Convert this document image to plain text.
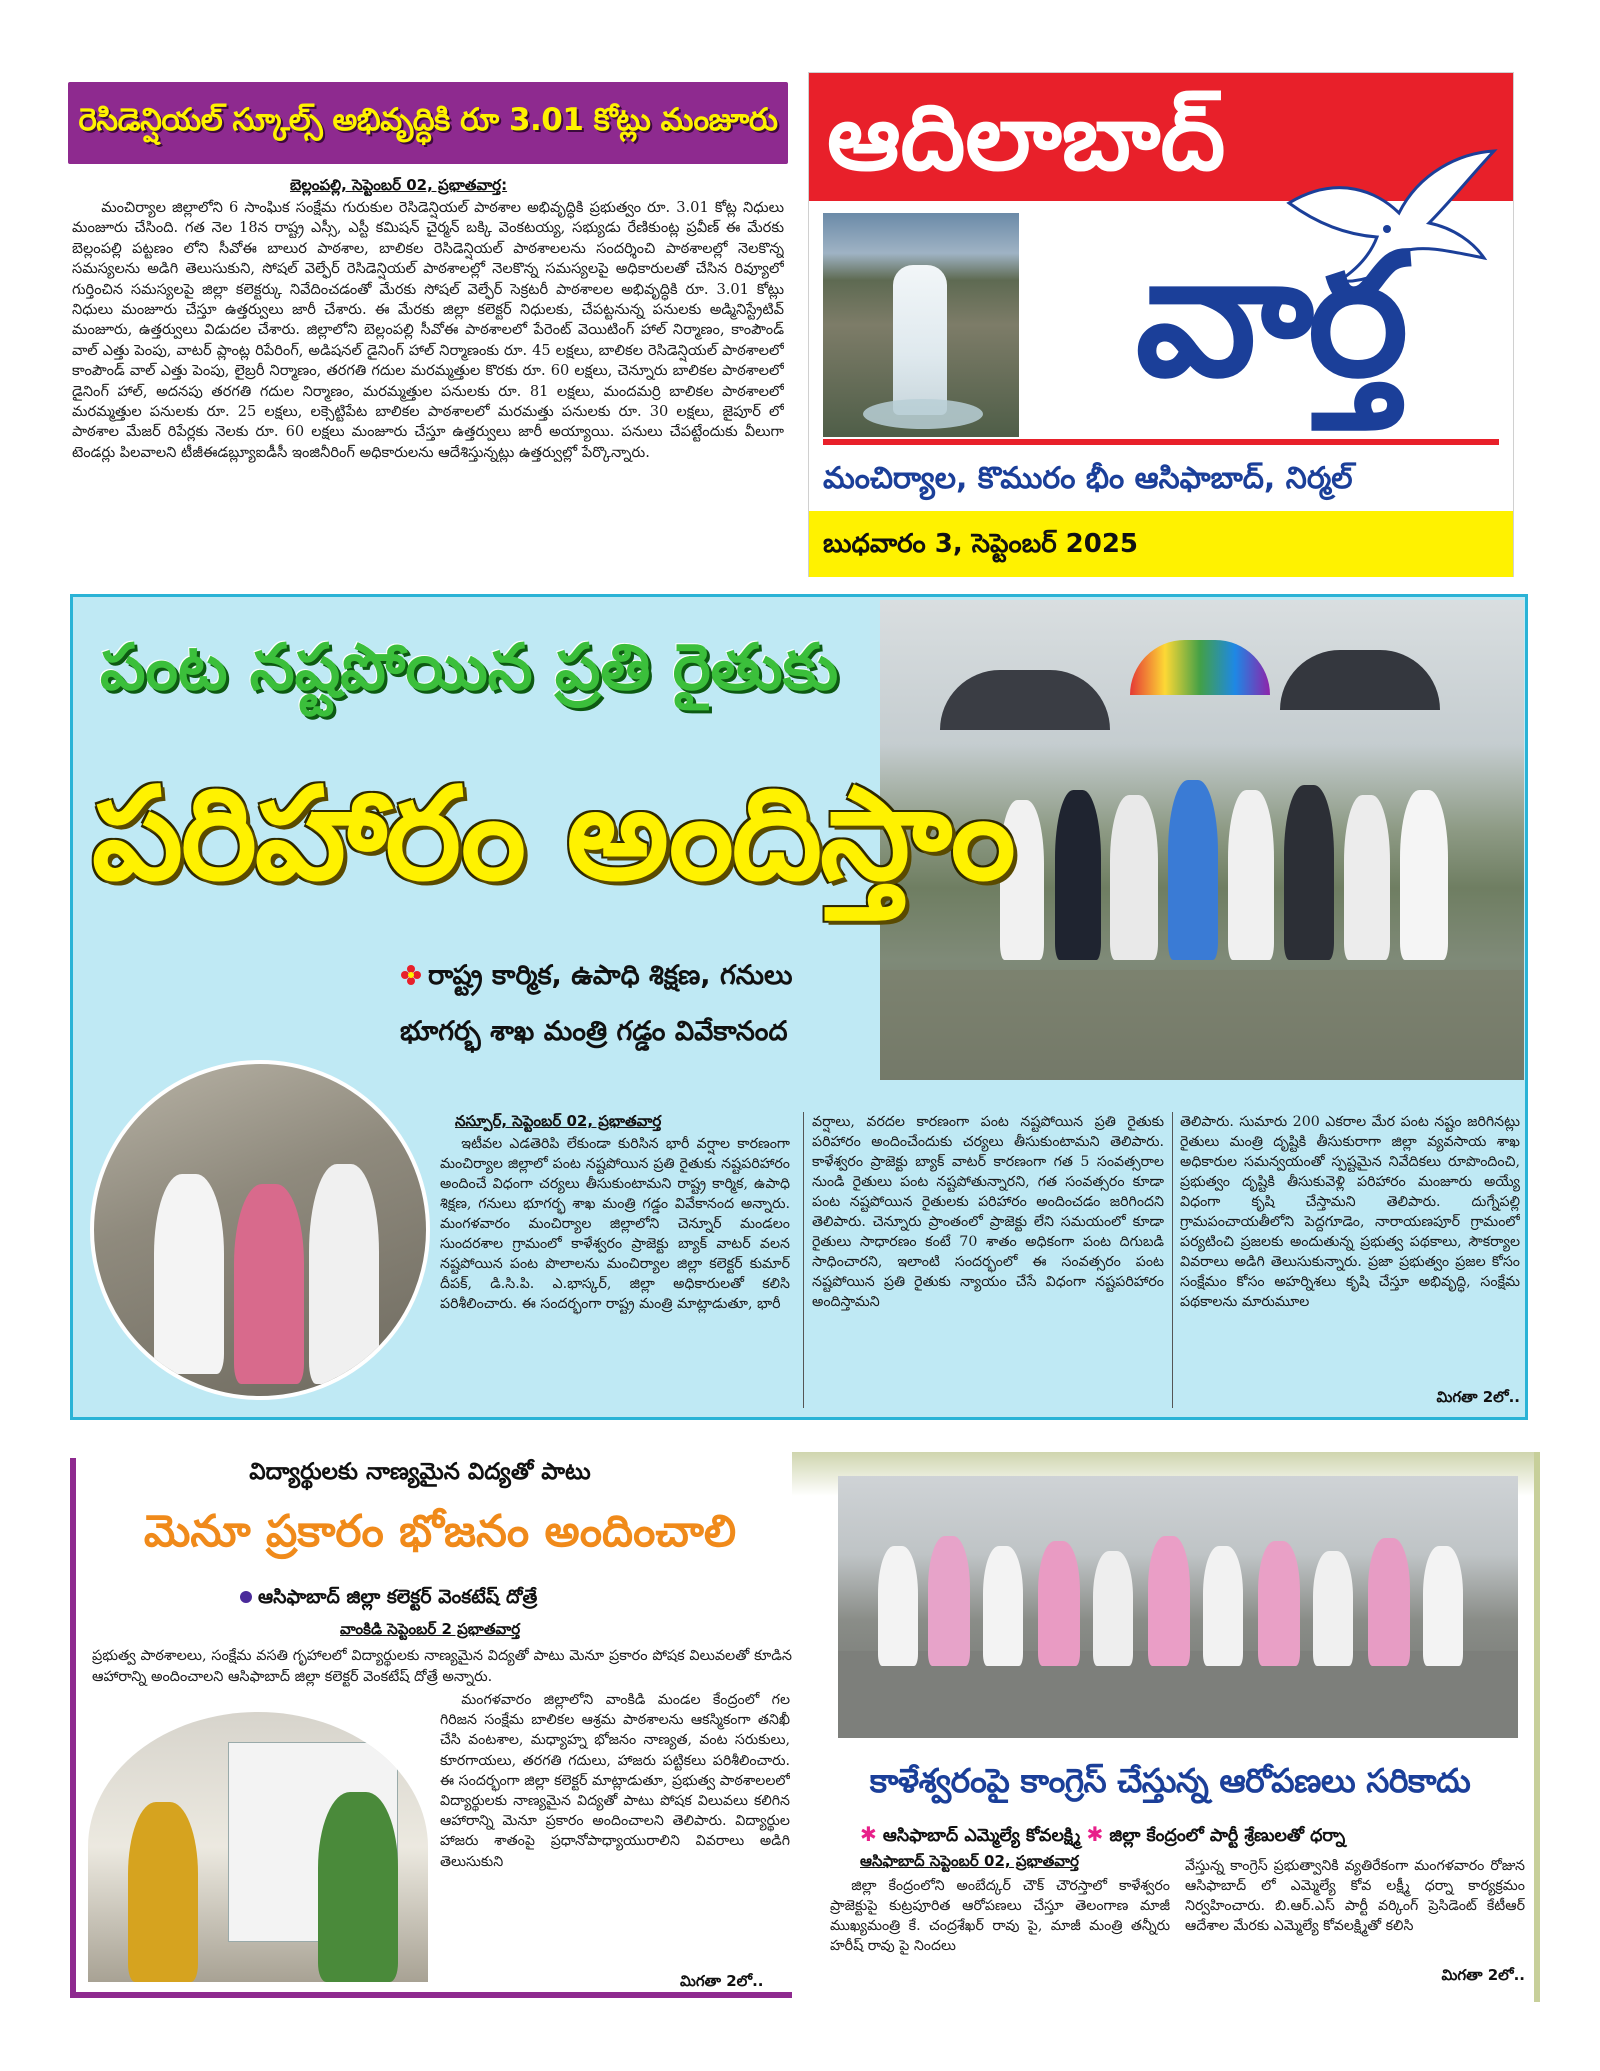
రెసిడెన్షియల్ స్కూల్స్ అభివృద్ధికి రూ 3.01 కోట్లు మంజూరు
బెల్లంపల్లి, సెప్టెంబర్ 02, ప్రభాతవార్త:
మంచిర్యాల జిల్లాలోని 6 సాంఘిక సంక్షేమ గురుకుల రెసిడెన్షియల్ పాఠశాల అభివృద్ధికి ప్రభుత్వం రూ. 3.01 కోట్ల నిధులు మంజూరు చేసింది. గత నెల 18న రాష్ట్ర ఎస్సీ, ఎస్టీ కమిషన్ చైర్మన్ బక్కి వెంకటయ్య, సభ్యుడు రేణికుంట్ల ప్రవీణ్ ఈ మేరకు బెల్లంపల్లి పట్టణం లోని సీవోఈ బాలుర పాఠశాల, బాలికల రెసిడెన్షియల్ పాఠశాలలను సందర్శించి పాఠశాలల్లో నెలకొన్న సమస్యలను అడిగి తెలుసుకుని, సోషల్ వెల్ఫేర్ రెసిడెన్షియల్ పాఠశాలల్లో నెలకొన్న సమస్యలపై అధికారులతో చేసిన రివ్యూలో గుర్తించిన సమస్యలపై జిల్లా కలెక్టర్కు నివేదించడంతో మేరకు సోషల్ వెల్ఫేర్ సెక్రటరీ పాఠశాలల అభివృద్ధికి రూ. 3.01 కోట్లు నిధులు మంజూరు చేస్తూ ఉత్తర్వులు జారీ చేశారు. ఈ మేరకు జిల్లా కలెక్టర్ నిధులకు, చేపట్టనున్న పనులకు అడ్మినిస్ట్రేటివ్ మంజూరు, ఉత్తర్వులు విడుదల చేశారు. జిల్లాలోని బెల్లంపల్లి సీవోఈ పాఠశాలలో పేరెంట్ వెయిటింగ్ హాల్ నిర్మాణం, కాంపౌండ్ వాల్ ఎత్తు పెంపు, వాటర్ ప్లాంట్ల రిపేరింగ్, అడిషనల్ డైనింగ్ హాల్ నిర్మాణంకు రూ. 45 లక్షలు, బాలికల రెసిడెన్షియల్ పాఠశాలలో కాంపౌండ్ వాల్ ఎత్తు పెంపు, లైబ్రరీ నిర్మాణం, తరగతి గదుల మరమ్మత్తుల కొరకు రూ. 60 లక్షలు, చెన్నూరు బాలికల పాఠశాలలో డైనింగ్ హాల్, అదనపు తరగతి గదుల నిర్మాణం, మరమ్మత్తుల పనులకు రూ. 81 లక్షలు, మందమర్రి బాలికల పాఠశాలలో మరమ్మత్తుల పనులకు రూ. 25 లక్షలు, లక్సెట్టిపేట బాలికల పాఠశాలలో మరమత్తు పనులకు రూ. 30 లక్షలు, జైపూర్ లో పాఠశాల మేజర్ రిపేర్లకు నెలకు రూ. 60 లక్షలు మంజూరు చేస్తూ ఉత్తర్వులు జారీ అయ్యాయి. పనులు చేపట్టేందుకు వీలుగా టెండర్లు పిలవాలని టీజీఈడబ్ల్యూఐడీసీ ఇంజినీరింగ్ అధికారులను ఆదేశిస్తున్నట్లు ఉత్తర్వుల్లో పేర్కొన్నారు.
ఆదిలాబాద్
వార్త
మంచిర్యాల, కొమురం భీం ఆసిఫాబాద్, నిర్మల్
బుధవారం 3, సెప్టెంబర్ 2025
పంట నష్టపోయిన ప్రతి రైతుకు
పరిహారం అందిస్తాం
రాష్ట్ర కార్మిక, ఉపాధి శిక్షణ, గనులు
భూగర్భ శాఖ మంత్రి గడ్డం వివేకానంద
నస్పూర్, సెప్టెంబర్ 02, ప్రభాతవార్త
ఇటీవల ఎడతెరిపి లేకుండా కురిసిన భారీ వర్షాల కారణంగా మంచిర్యాల జిల్లాలో పంట నష్టపోయిన ప్రతి రైతుకు నష్టపరిహారం అందించే విధంగా చర్యలు తీసుకుంటామని రాష్ట్ర కార్మిక, ఉపాధి శిక్షణ, గనులు భూగర్భ శాఖ మంత్రి గడ్డం వివేకానంద అన్నారు. మంగళవారం మంచిర్యాల జిల్లాలోని చెన్నూర్ మండలం సుందరశాల గ్రామంలో కాళేశ్వరం ప్రాజెక్టు బ్యాక్ వాటర్ వలన నష్టపోయిన పంట పొలాలను మంచిర్యాల జిల్లా కలెక్టర్ కుమార్ దీపక్, డి.సి.పి. ఎ.భాస్కర్, జిల్లా అధికారులతో కలిసి పరిశీలించారు. ఈ సందర్భంగా రాష్ట్ర మంత్రి మాట్లాడుతూ, భారీ
వర్షాలు, వరదల కారణంగా పంట నష్టపోయిన ప్రతి రైతుకు పరిహారం అందించేందుకు చర్యలు తీసుకుంటామని తెలిపారు. కాళేశ్వరం ప్రాజెక్టు బ్యాక్ వాటర్ కారణంగా గత 5 సంవత్సరాల నుండి రైతులు పంట నష్టపోతున్నారని, గత సంవత్సరం కూడా పంట నష్టపోయిన రైతులకు పరిహారం అందించడం జరిగిందని తెలిపారు. చెన్నూరు ప్రాంతంలో ప్రాజెక్టు లేని సమయంలో కూడా రైతులు సాధారణం కంటే 70 శాతం అధికంగా పంట దిగుబడి సాధించారని, ఇలాంటి సందర్భంలో ఈ సంవత్సరం పంట నష్టపోయిన ప్రతి రైతుకు న్యాయం చేసే విధంగా నష్టపరిహారం అందిస్తామని
తెలిపారు. సుమారు 200 ఎకరాల మేర పంట నష్టం జరిగినట్లు రైతులు మంత్రి దృష్టికి తీసుకురాగా జిల్లా వ్యవసాయ శాఖ అధికారుల సమన్వయంతో స్పష్టమైన నివేదికలు రూపొందించి, ప్రభుత్వం దృష్టికి తీసుకువెళ్లి పరిహారం మంజూరు అయ్యే విధంగా కృషి చేస్తామని తెలిపారు. దుగ్నేపల్లి గ్రామపంచాయతీలోని పెద్దగూడెం, నారాయణపూర్ గ్రామంలో పర్యటించి ప్రజలకు అందుతున్న ప్రభుత్వ పథకాలు, సౌకర్యాల వివరాలు అడిగి తెలుసుకున్నారు. ప్రజా ప్రభుత్వం ప్రజల కోసం సంక్షేమం కోసం అహర్నిశలు కృషి చేస్తూ అభివృద్ధి, సంక్షేమ పథకాలను మారుమూల
మిగతా 2లో..
విద్యార్థులకు నాణ్యమైన విద్యతో పాటు
మెనూ ప్రకారం భోజనం అందించాలి
ఆసిఫాబాద్ జిల్లా కలెక్టర్ వెంకటేష్ దోత్రే
వాంకిడి సెప్టెంబర్ 2 ప్రభాతవార్త
ప్రభుత్వ పాఠశాలలు, సంక్షేమ వసతి గృహాలలో విద్యార్థులకు నాణ్యమైన విద్యతో పాటు మెనూ ప్రకారం పోషక విలువలతో కూడిన ఆహారాన్ని అందించాలని ఆసిఫాబాద్ జిల్లా కలెక్టర్ వెంకటేష్ దోత్రే అన్నారు.
మంగళవారం జిల్లాలోని వాంకిడి మండల కేంద్రంలో గల గిరిజన సంక్షేమ బాలికల ఆశ్రమ పాఠశాలను ఆకస్మికంగా తనిఖీ చేసి వంటశాల, మధ్యాహ్న భోజనం నాణ్యత, వంట సరుకులు, కూరగాయలు, తరగతి గదులు, హాజరు పట్టికలు పరిశీలించారు. ఈ సందర్భంగా జిల్లా కలెక్టర్ మాట్లాడుతూ, ప్రభుత్వ పాఠశాలలలో విద్యార్థులకు నాణ్యమైన విద్యతో పాటు పోషక విలువలు కలిగిన ఆహారాన్ని మెనూ ప్రకారం అందించాలని తెలిపారు. విద్యార్థుల హాజరు శాతంపై ప్రధానోపాధ్యాయురాలిని వివరాలు అడిగి తెలుసుకుని
మిగతా 2లో..
కాళేశ్వరంపై కాంగ్రెస్ చేస్తున్న ఆరోపణలు సరికాదు
✱ ఆసిఫాబాద్ ఎమ్మెల్యే కోవలక్ష్మి ✱ జిల్లా కేంద్రంలో పార్టీ శ్రేణులతో ధర్నా
ఆసిఫాబాద్ సెప్టెంబర్ 02, ప్రభాతవార్త
జిల్లా కేంద్రంలోని అంబేద్కర్ చౌక్ చౌరస్తాలో కాళేశ్వరం ప్రాజెక్టుపై కుట్రపూరిత ఆరోపణలు చేస్తూ తెలంగాణ మాజీ ముఖ్యమంత్రి కే. చంద్రశేఖర్ రావు పై, మాజీ మంత్రి తన్నీరు హరీష్ రావు పై నిందలు
వేస్తున్న కాంగ్రెస్ ప్రభుత్వానికి వ్యతిరేకంగా మంగళవారం రోజున ఆసిఫాబాద్ లో ఎమ్మెల్యే కోవ లక్ష్మీ ధర్నా కార్యక్రమం నిర్వహించారు. బి.ఆర్.ఎస్ పార్టీ వర్కింగ్ ప్రెసిడెంట్ కేటీఆర్ ఆదేశాల మేరకు ఎమ్మెల్యే కోవలక్ష్మితో కలిసి
మిగతా 2లో..
